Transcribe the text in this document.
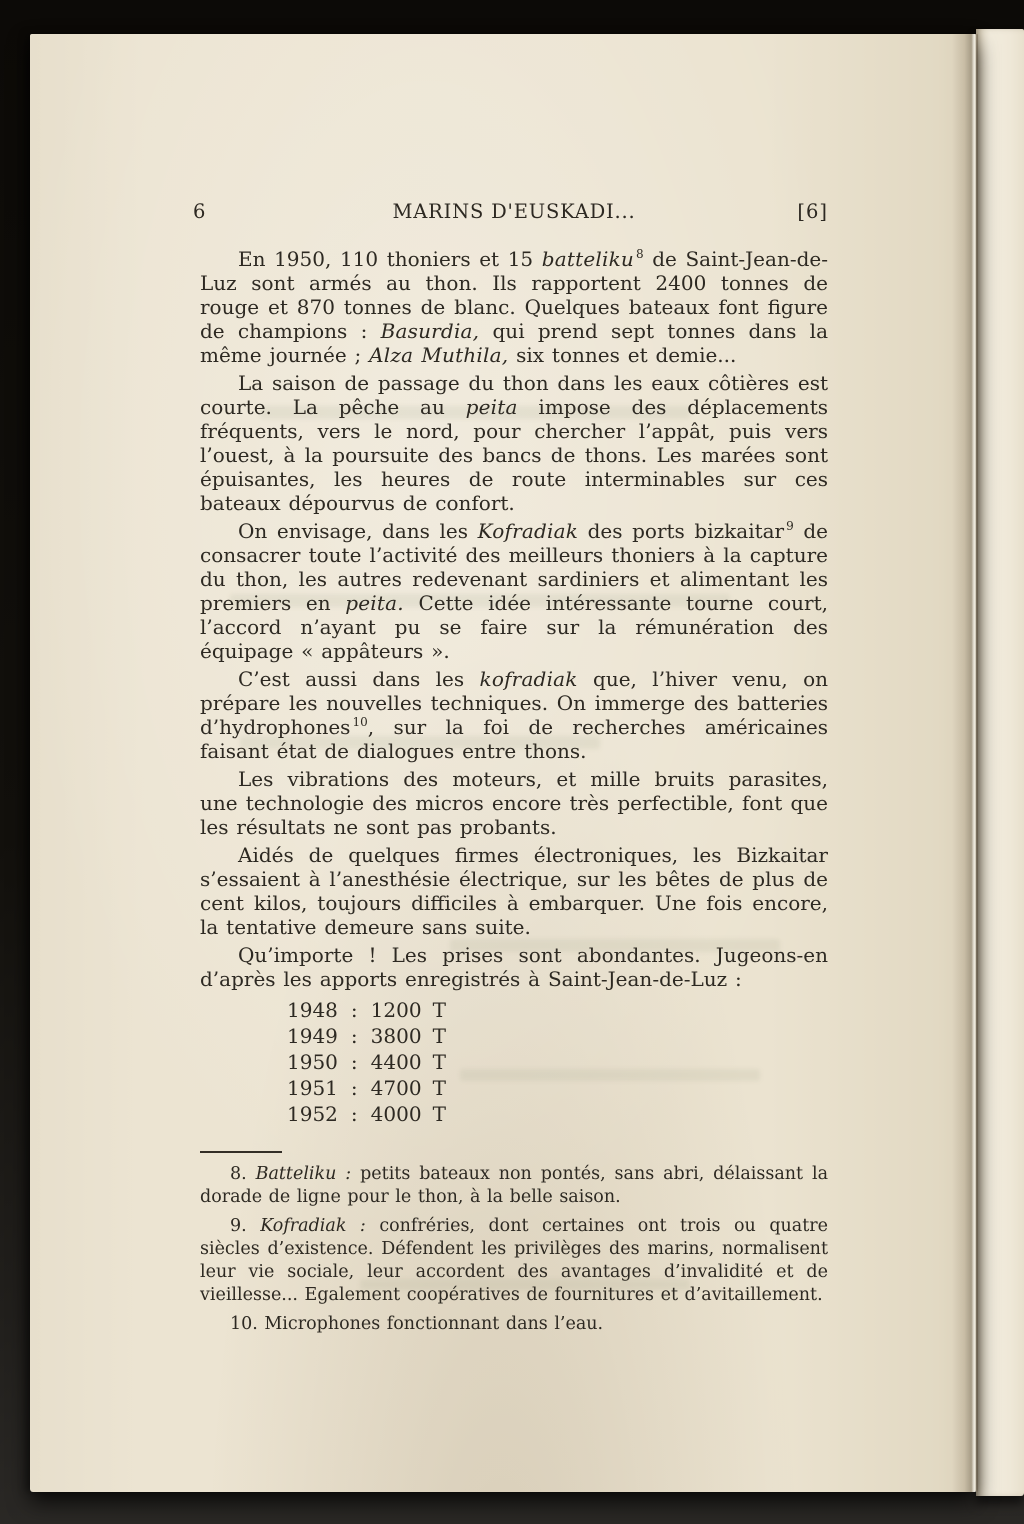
6	MARINS D'EUSKADI...	[6]

En 1950, 110 thoniers et 15 batteliku $^8$ de Saint-Jean-de-Luz sont armés au thon. Ils rapportent 2400 tonnes de rouge et 870 tonnes de blanc. Quelques bateaux font figure de champions : Basurdia, qui prend sept tonnes dans la même journée ; Alza Muthila, six tonnes et demie...

La saison de passage du thon dans les eaux côtières est courte. La pêche au peita impose des déplacements fréquents, vers le nord, pour chercher l’appât, puis vers l’ouest, à la poursuite des bancs de thons. Les marées sont épuisantes, les heures de route interminables sur ces bateaux dépourvus de confort.

On envisage, dans les Kofradiak des ports bizkaitar $^9$ de consacrer toute l’activité des meilleurs thoniers à la capture du thon, les autres redevenant sardiniers et alimentant les premiers en peita. Cette idée intéressante tourne court, l’accord n’ayant pu se faire sur la rémunération des équipage « appâteurs ».

C’est aussi dans les kofradiak que, l’hiver venu, on prépare les nouvelles techniques. On immerge des batteries d’hydrophones $^{10}$, sur la foi de recherches américaines faisant état de dialogues entre thons.

Les vibrations des moteurs, et mille bruits parasites, une technologie des micros encore très perfectible, font que les résultats ne sont pas probants.

Aidés de quelques firmes électroniques, les Bizkaitar s’essaient à l’anesthésie électrique, sur les bêtes de plus de cent kilos, toujours difficiles à embarquer. Une fois encore, la tentative demeure sans suite.

Qu’importe ! Les prises sont abondantes. Jugeons-en d’après les apports enregistrés à Saint-Jean-de-Luz :

1948 : 1200 T
1949 : 3800 T
1950 : 4400 T
1951 : 4700 T
1952 : 4000 T

8. Batteliku : petits bateaux non pontés, sans abri, délaissant la dorade de ligne pour le thon, à la belle saison.

9. Kofradiak : confréries, dont certaines ont trois ou quatre siècles d’existence. Défendent les privilèges des marins, normalisent leur vie sociale, leur accordent des avantages d’invalidité et de vieillesse... Egalement coopératives de fournitures et d’avitaillement.

10. Microphones fonctionnant dans l’eau.
